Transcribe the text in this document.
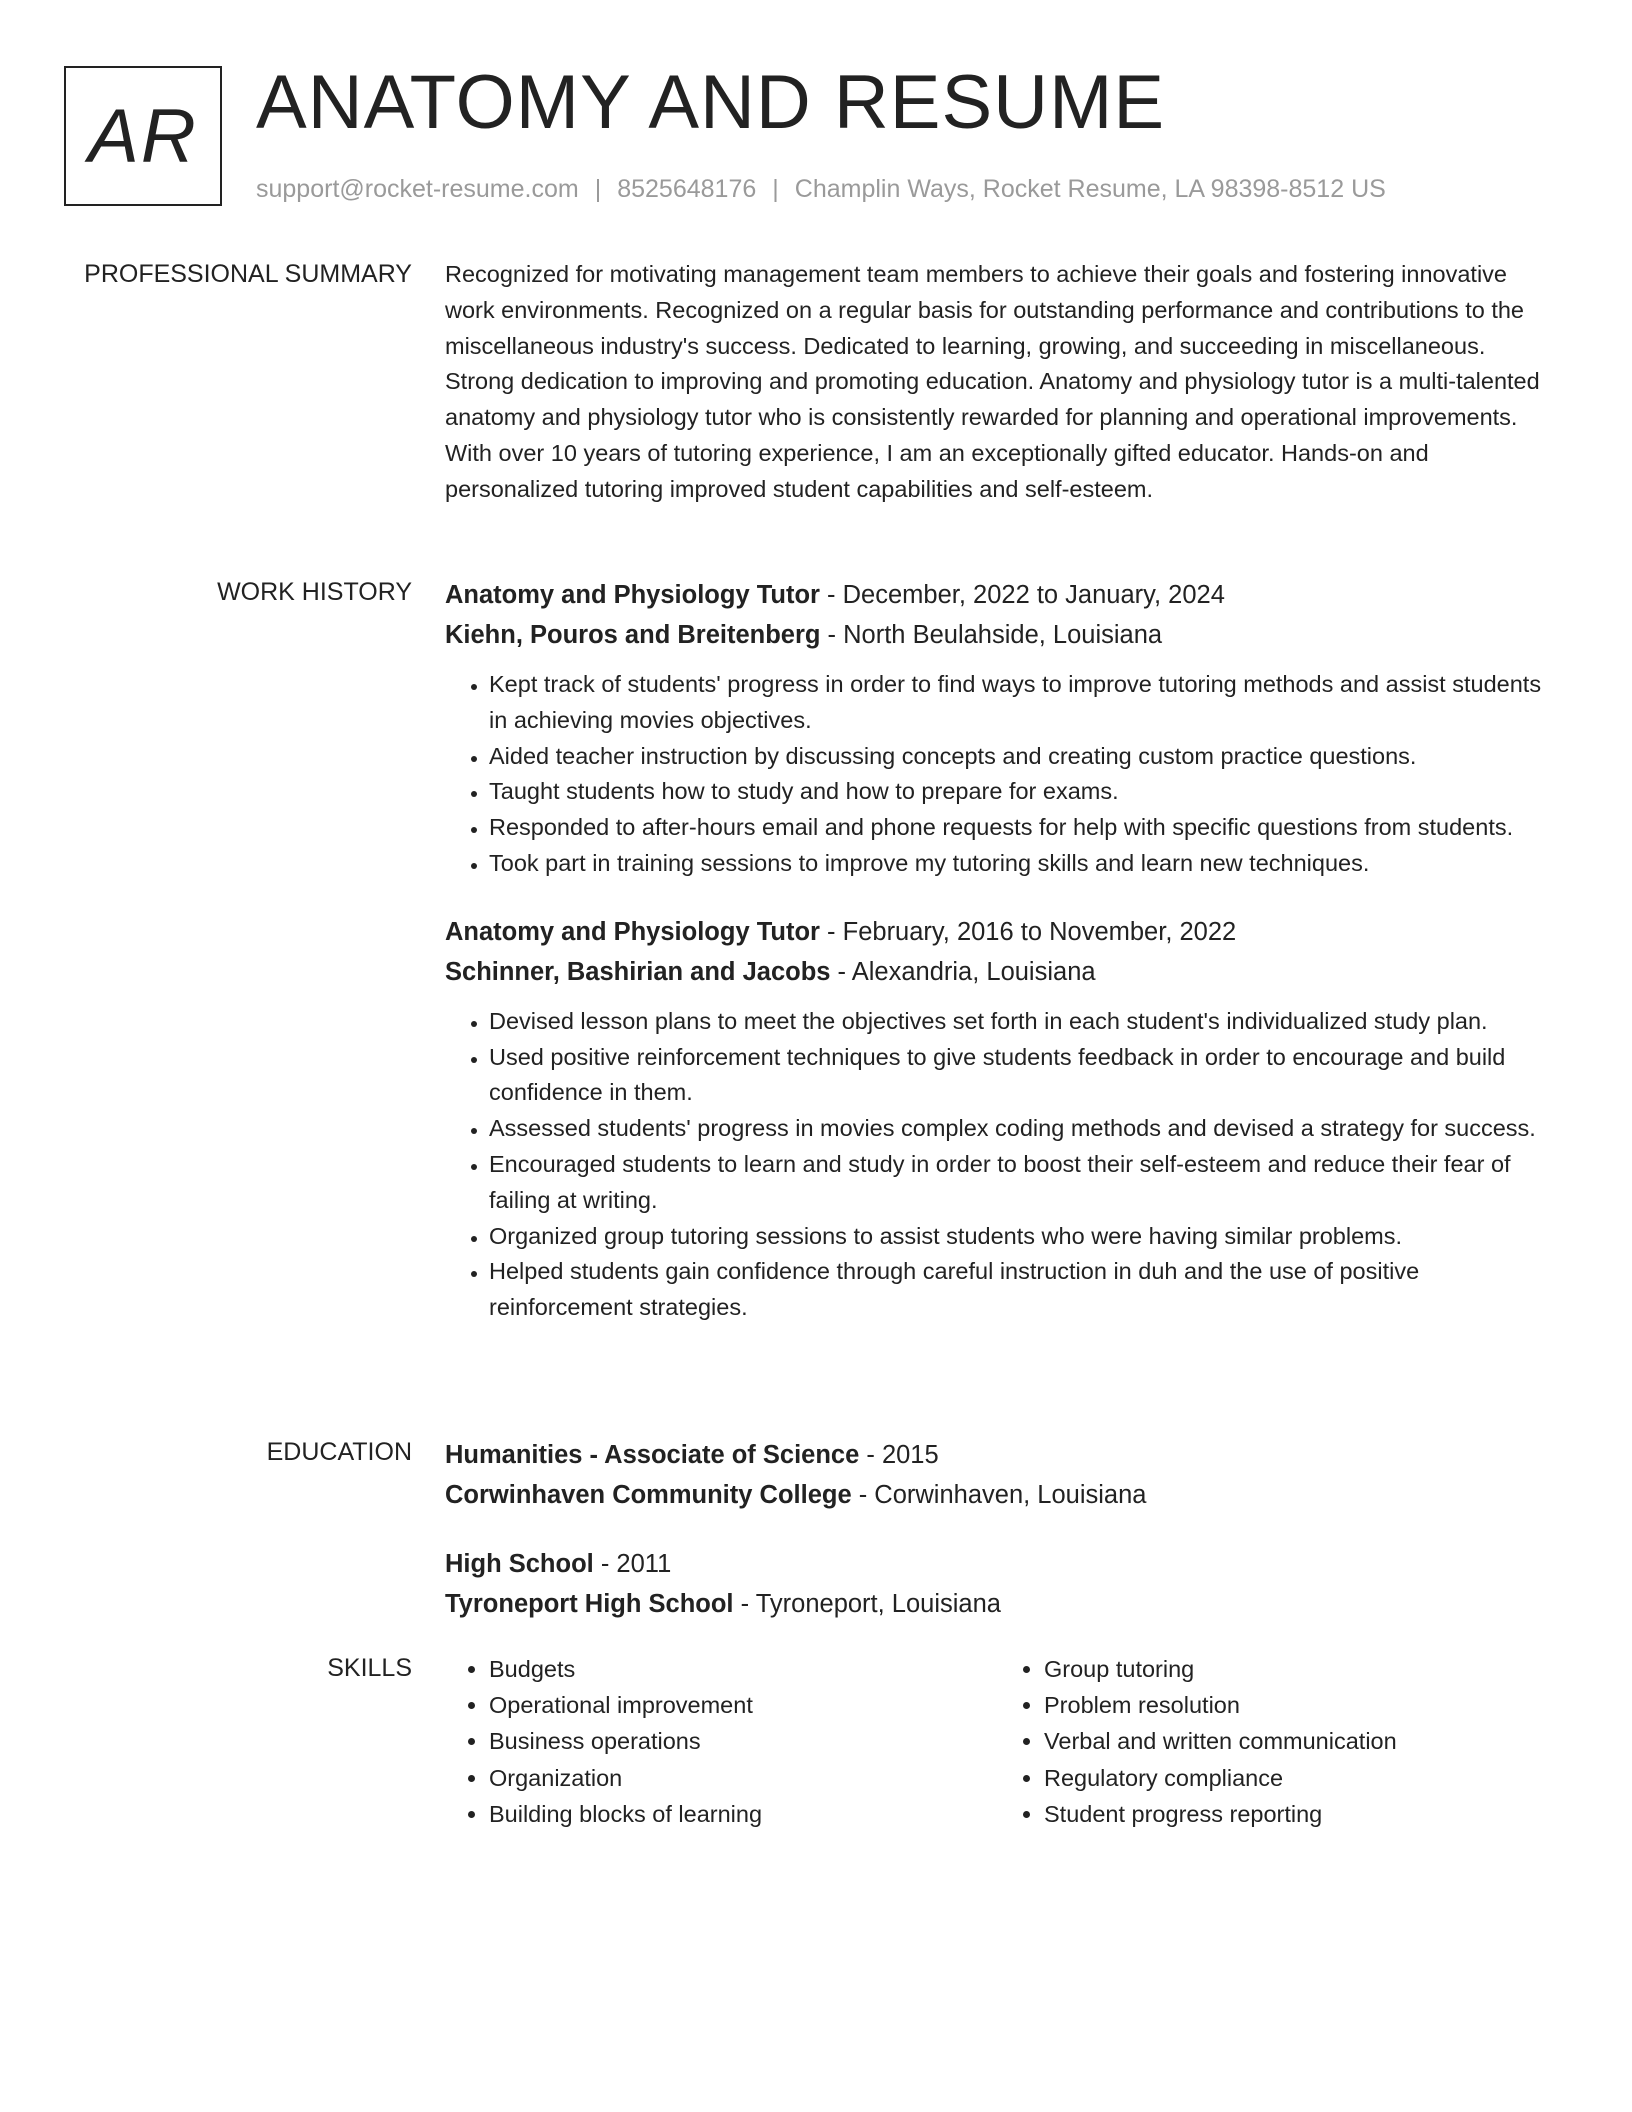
AR ANATOMY AND RESUME
support@rocket-resume.com | 8525648176 | Champlin Ways, Rocket Resume, LA 98398-8512 US
PROFESSIONAL SUMMARY Recognized for motivating management team members to achieve their goals and fostering innovative work environments. Recognized on a regular basis for outstanding performance and contributions to the miscellaneous industry's success. Dedicated to learning, growing, and succeeding in miscellaneous. Strong dedication to improving and promoting education. Anatomy and physiology tutor is a multi-talented anatomy and physiology tutor who is consistently rewarded for planning and operational improvements. With over 10 years of tutoring experience, I am an exceptionally gifted educator. Hands-on and personalized tutoring improved student capabilities and self-esteem.

WORK HISTORY Anatomy and Physiology Tutor - December, 2022 to January, 2024
Kiehn, Pouros and Breitenberg - North Beulahside, Louisiana
• Kept track of students' progress in order to find ways to improve tutoring methods and assist students in achieving movies objectives.
• Aided teacher instruction by discussing concepts and creating custom practice questions.
• Taught students how to study and how to prepare for exams.
• Responded to after-hours email and phone requests for help with specific questions from students.
• Took part in training sessions to improve my tutoring skills and learn new techniques.
Anatomy and Physiology Tutor - February, 2016 to November, 2022
Schinner, Bashirian and Jacobs - Alexandria, Louisiana
• Devised lesson plans to meet the objectives set forth in each student's individualized study plan.
• Used positive reinforcement techniques to give students feedback in order to encourage and build confidence in them.
• Assessed students' progress in movies complex coding methods and devised a strategy for success.
• Encouraged students to learn and study in order to boost their self-esteem and reduce their fear of failing at writing.
• Organized group tutoring sessions to assist students who were having similar problems.
• Helped students gain confidence through careful instruction in duh and the use of positive reinforcement strategies.
EDUCATION Humanities - Associate of Science - 2015
Corwinhaven Community College - Corwinhaven, Louisiana
High School - 2011
Tyroneport High School - Tyroneport, Louisiana
SKILLS
•	Budgets
• Operational improvement
• Business operations
• Organization
• Building blocks of learning
• Group tutoring
• Problem resolution
• Verbal and written communication
• Regulatory compliance
• Student progress reporting
